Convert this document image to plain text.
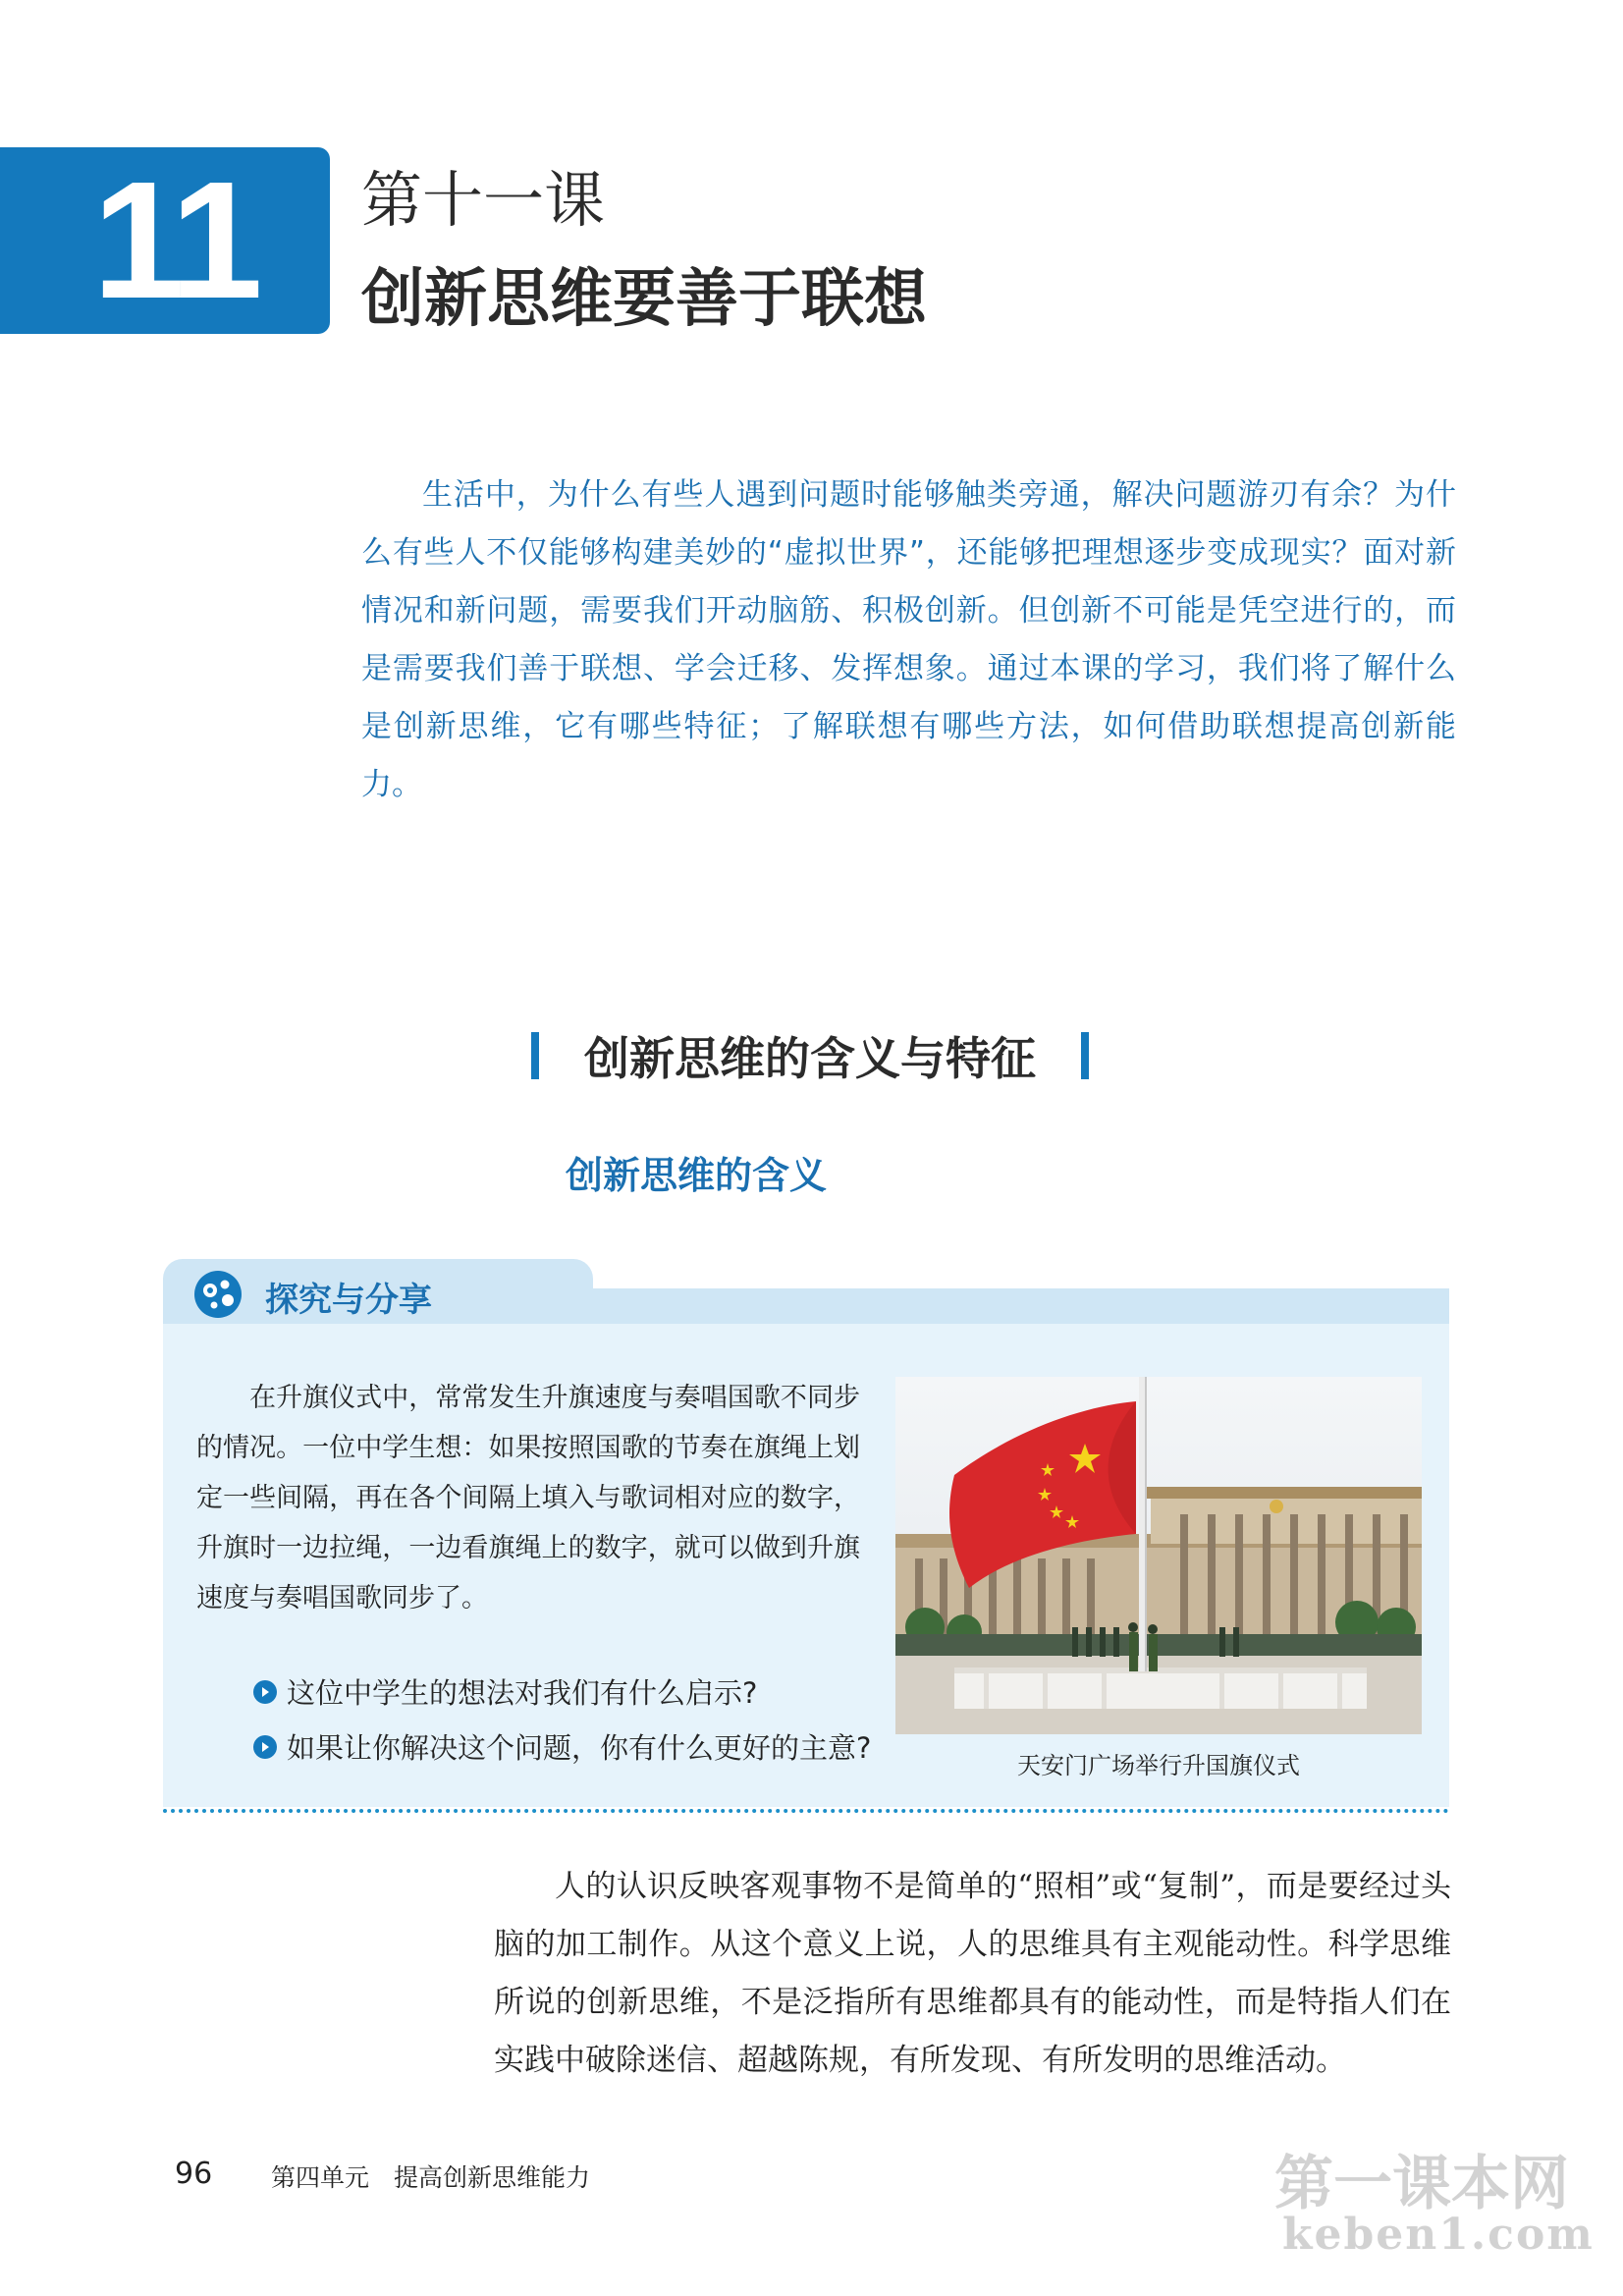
11	第十一课
创新思维要善于联想

生活中，为什么有些人遇到问题时能够触类旁通，解决问题游刃有余？为什么有些人不仅能够构建美妙的“虚拟世界”，还能够把理想逐步变成现实？面对新情况和新问题，需要我们开动脑筋、积极创新。但创新不可能是凭空进行的，而是需要我们善于联想、学会迁移、发挥想象。通过本课的学习，我们将了解什么是创新思维，它有哪些特征；了解联想有哪些方法，如何借助联想提高创新能力。

创新思维的含义与特征
创新思维的含义
探究与分享

在升旗仪式中，常常发生升旗速度与奏唱国歌不同步的情况。一位中学生想：如果按照国歌的节奏在旗绳上划定一些间隔，再在各个间隔上填入与歌词相对应的数字，升旗时一边拉绳，一边看旗绳上的数字，就可以做到升旗速度与奏唱国歌同步了。

这位中学生的想法对我们有什么启示?
如果让你解决这个问题，你有什么更好的主意?
天安门广场举行升国旗仪式

人的认识反映客观事物不是简单的“照相”或“复制”，而是要经过头脑的加工制作。从这个意义上说，人的思维具有主观能动性。科学思维所说的创新思维，不是泛指所有思维都具有的能动性，而是特指人们在实践中破除迷信、超越陈规，有所发现、有所发明的思维活动。

96 第四单元　提高创新思维能力	第一课本网
keben1.com
